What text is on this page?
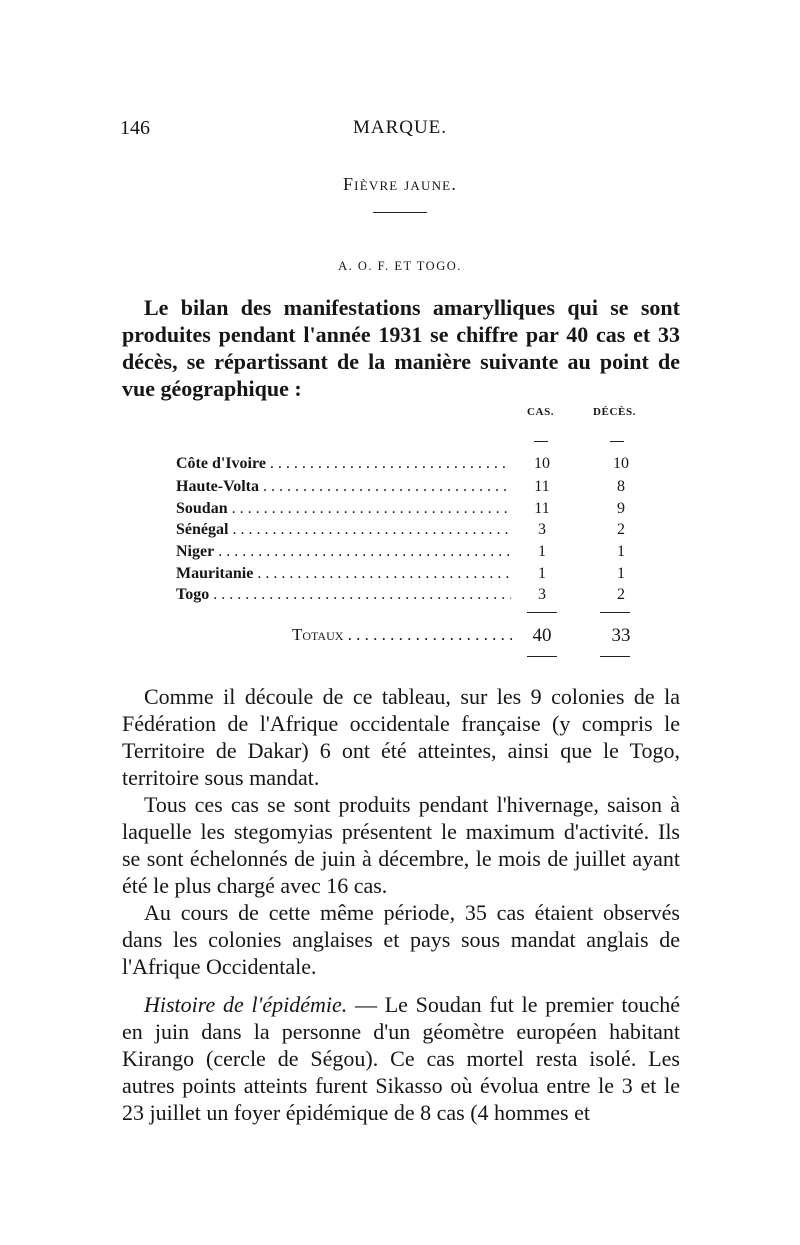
146	MARQUE.
Fièvre jaune.
A. O. F. ET TOGO.

Le bilan des manifestations amarylliques qui se sont produites pendant l'année 1931 se chiffre par 40 cas et 33 décès, se répartissant de la manière suivante au point de vue géographique :

CAS.	DÉCÈS.
Côte d'Ivoire . . .	10	10
Haute-Volta . . .	11	8
Soudan . . .	11	9
Sénégal . . .	3	2
Niger . . .	1	1
Mauritanie . . .	1	1
Togo . . .	3	2
Totaux . . .	40	33

Comme il découle de ce tableau, sur les 9 colonies de la Fédération de l'Afrique occidentale française (y compris le Territoire de Dakar) 6 ont été atteintes, ainsi que le Togo, territoire sous mandat.

Tous ces cas se sont produits pendant l'hivernage, saison à laquelle les stegomyias présentent le maximum d'activité. Ils se sont échelonnés de juin à décembre, le mois de juillet ayant été le plus chargé avec 16 cas.

Au cours de cette même période, 35 cas étaient observés dans les colonies anglaises et pays sous mandat anglais de l'Afrique Occidentale.

Histoire de l'épidémie. — Le Soudan fut le premier touché en juin dans la personne d'un géomètre européen habitant Kirango (cercle de Ségou). Ce cas mortel resta isolé. Les autres points atteints furent Sikasso où évolua entre le 3 et le 23 juillet un foyer épidémique de 8 cas (4 hommes et
